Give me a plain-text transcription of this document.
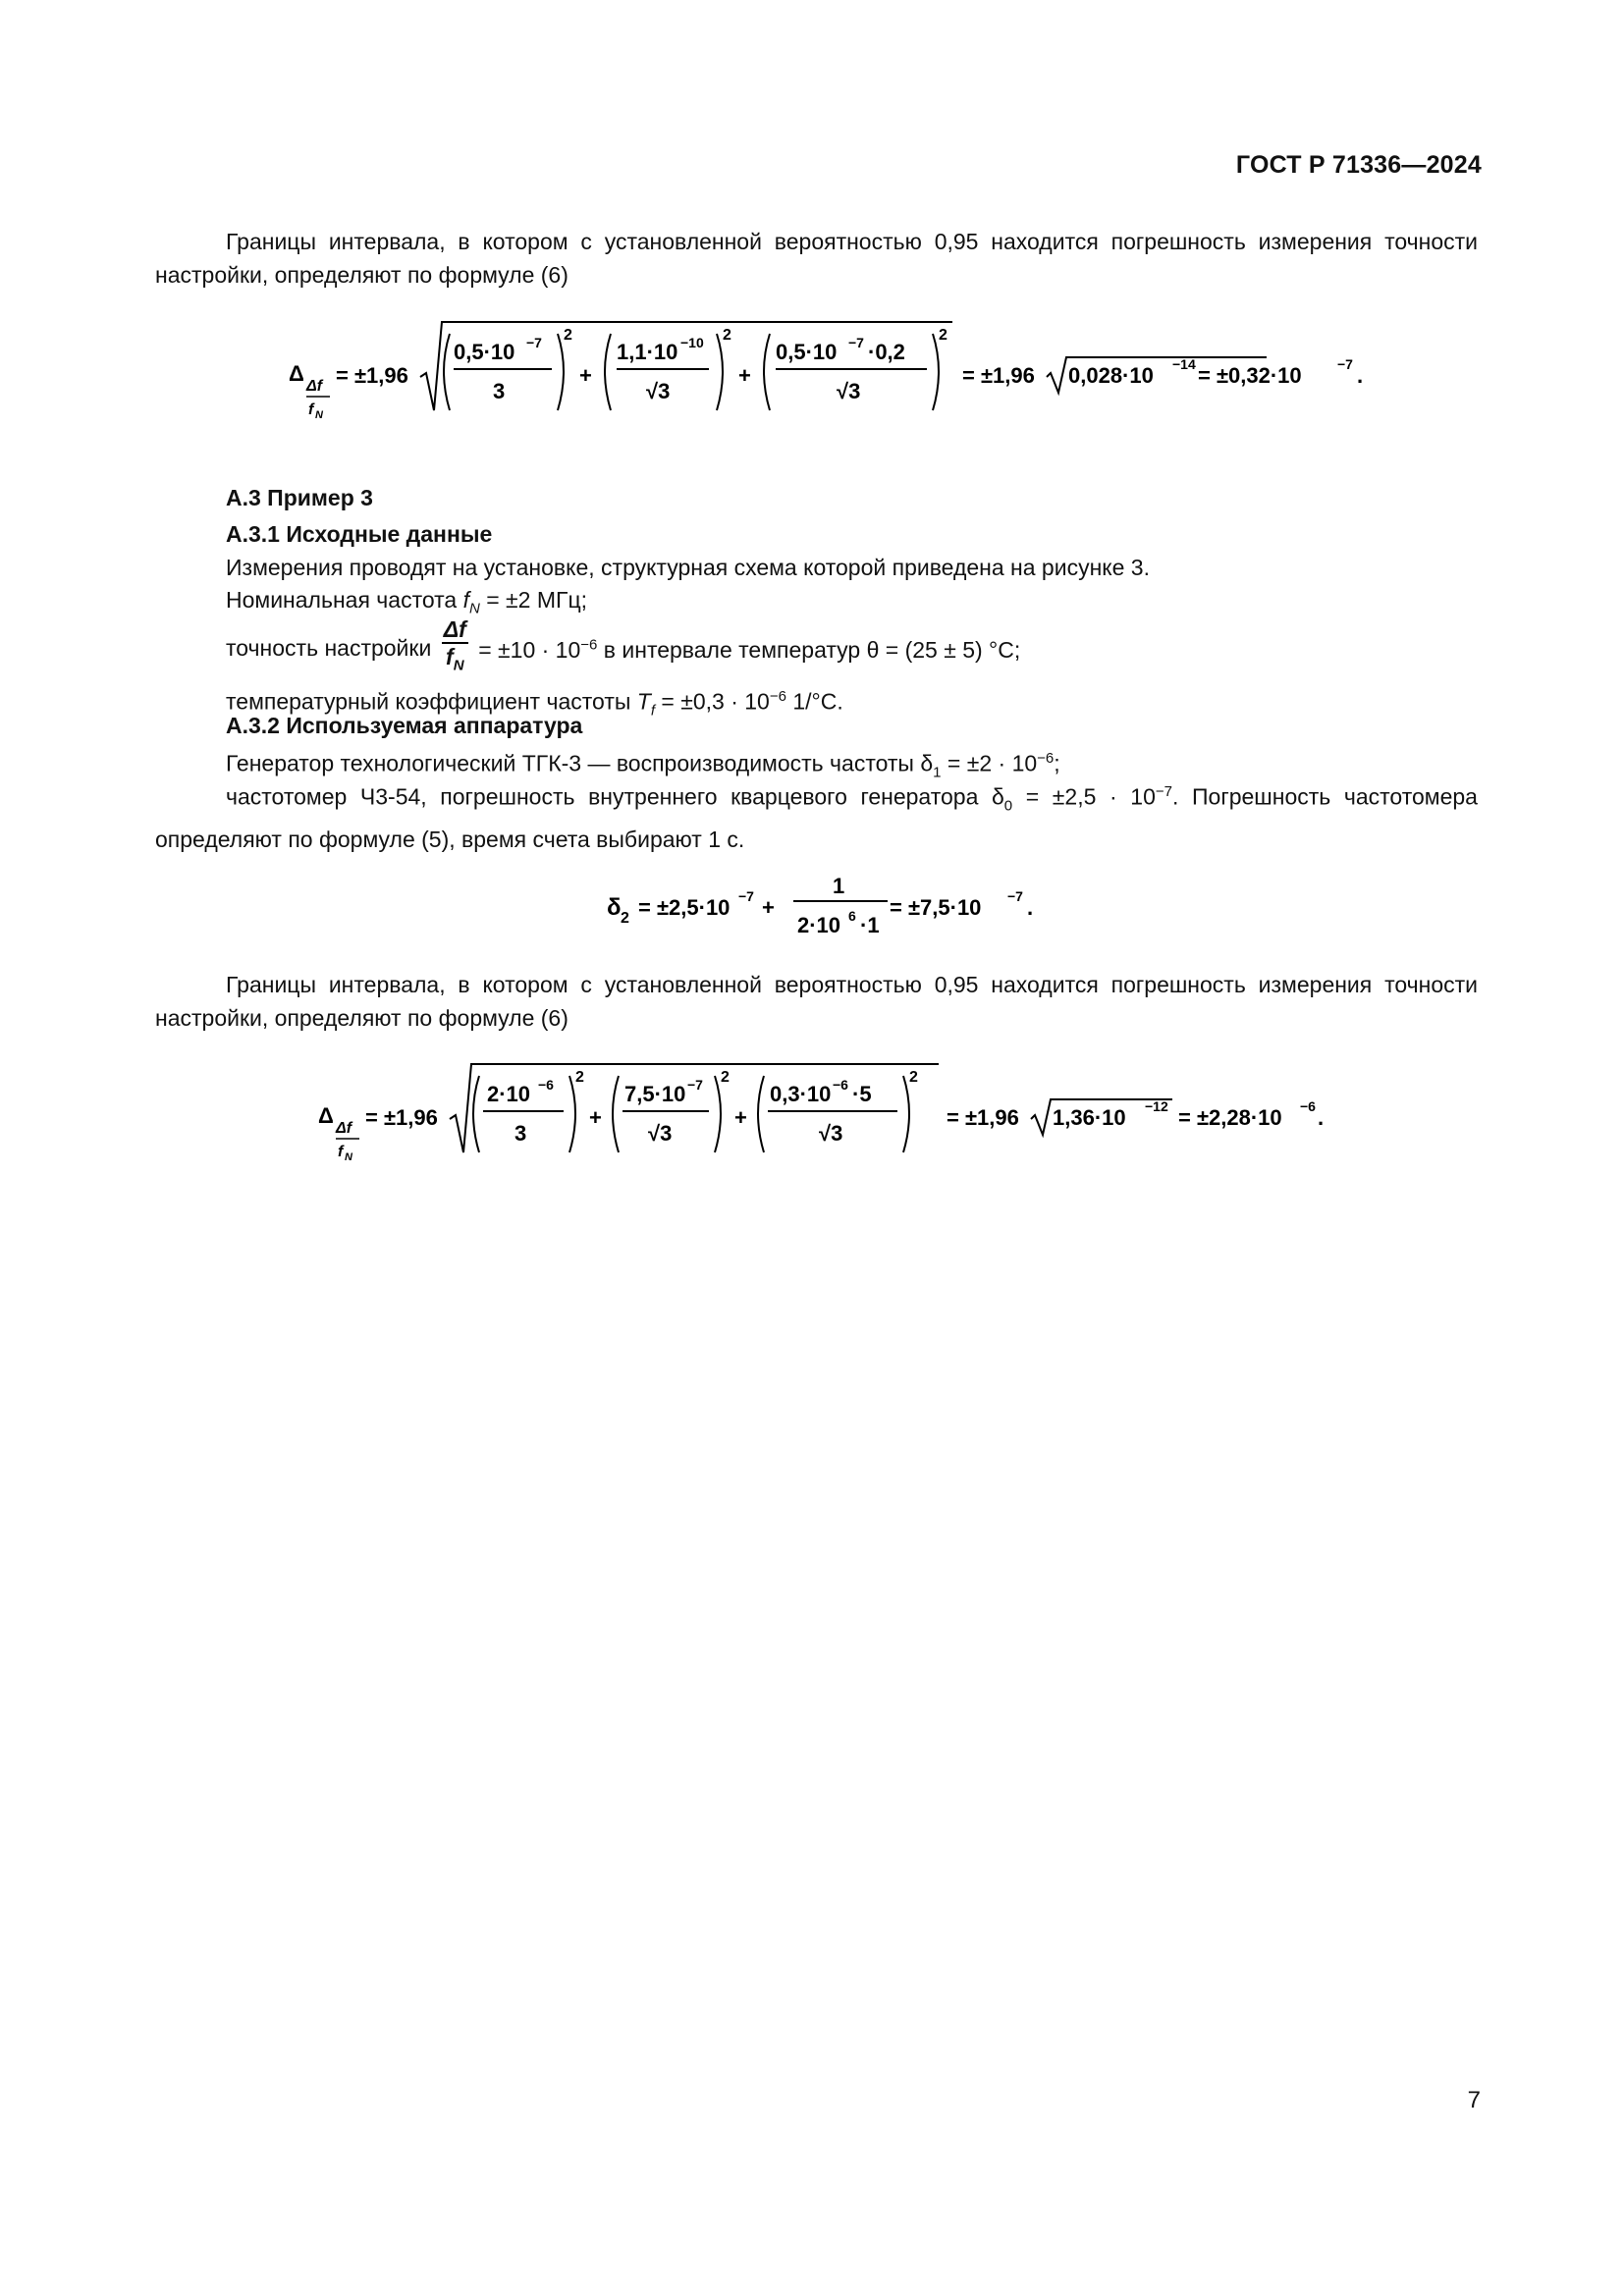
ГОСТ Р 71336—2024
Границы интервала, в котором с установленной вероятностью 0,95 находится погрешность измерения точности настройки, определяют по формуле (6)
Δ
Δf
f N
= ±1,96
0,5·10 −7
3
2
+
1,1·10 −10
√3
2
+
0,5·10 −7 ·0,2
√3
2
= ±1,96 0,028·10 −14 = ±0,32·10	−7 .
А.3 Пример 3
А.3.1 Исходные данные
Измерения проводят на установке, структурная схема которой приведена на рисунке 3.
Номинальная частота $f_N = \pm 2$ МГц;
точность настройки $\frac{\Delta f}{f_N} = \pm 10 \cdot 10^{-6}$ в интервале температур θ = (25 ± 5) °С;
температурный коэффициент частоты $T_f = \pm 0,3 \cdot 10^{-6}$ 1/°С.
А.3.2 Используемая аппаратура
Генератор технологический ТГК-3 — воспроизводимость частоты $\delta_1 = \pm 2 \cdot 10^{-6}$;
частотомер Ч3-54, погрешность внутреннего кварцевого генератора $\delta_0 = \pm 2,5 \cdot 10^{-7}$. Погрешность частотомера определяют по формуле (5), время счета выбирают 1 с.
δ 2 = ±2,5·10 −7 +
1
2·10 6 ·1
= ±7,5·10 −7 .
Границы интервала, в котором с установленной вероятностью 0,95 находится погрешность измерения точности настройки, определяют по формуле (6)
Δ
Δf
f N
= ±1,96
2·10 −6
3
2
+
7,5·10 −7
√3
2
+
0,3·10 −6 ·5
√3
2
= ±1,96 1,36·10 −12 = ±2,28·10 −6 .
7
